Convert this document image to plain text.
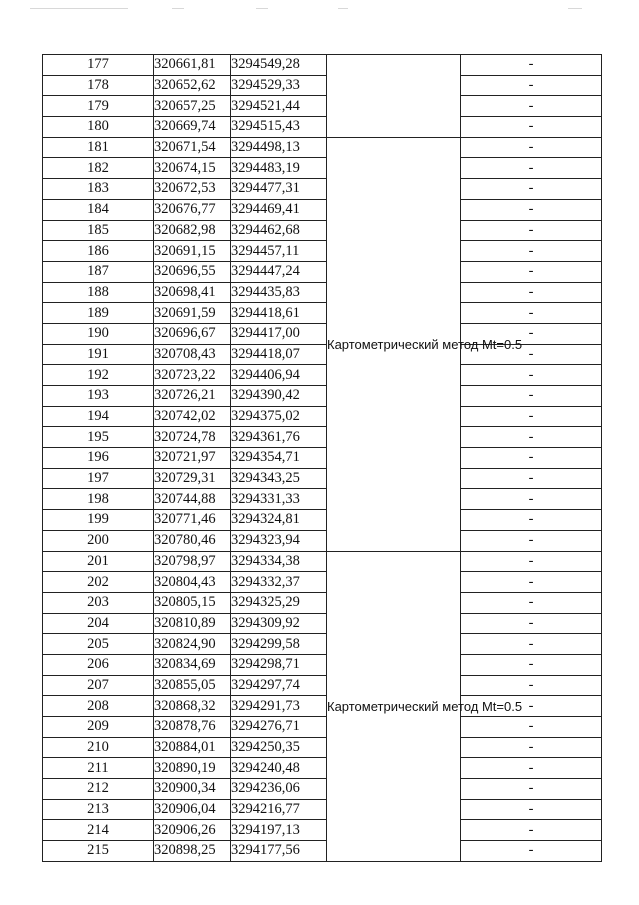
177	320661,81	3294549,28		-
178	320652,62	3294529,33		-
179	320657,25	3294521,44		-
180	320669,74	3294515,43		-
181	320671,54	3294498,13	Картометрический метод Mt=0.5	-
182	320674,15	3294483,19		-
183	320672,53	3294477,31		-
184	320676,77	3294469,41		-
185	320682,98	3294462,68		-
186	320691,15	3294457,11		-
187	320696,55	3294447,24		-
188	320698,41	3294435,83		-
189	320691,59	3294418,61		-
190	320696,67	3294417,00		-
191	320708,43	3294418,07		-
192	320723,22	3294406,94		-
193	320726,21	3294390,42		-
194	320742,02	3294375,02		-
195	320724,78	3294361,76		-
196	320721,97	3294354,71		-
197	320729,31	3294343,25		-
198	320744,88	3294331,33		-
199	320771,46	3294324,81		-
200	320780,46	3294323,94		-
201	320798,97	3294334,38	Картометрический метод Mt=0.5	-
202	320804,43	3294332,37		-
203	320805,15	3294325,29		-
204	320810,89	3294309,92		-
205	320824,90	3294299,58		-
206	320834,69	3294298,71		-
207	320855,05	3294297,74		-
208	320868,32	3294291,73		-
209	320878,76	3294276,71		-
210	320884,01	3294250,35		-
211	320890,19	3294240,48		-
212	320900,34	3294236,06		-
213	320906,04	3294216,77		-
214	320906,26	3294197,13		-
215	320898,25	3294177,56		-
